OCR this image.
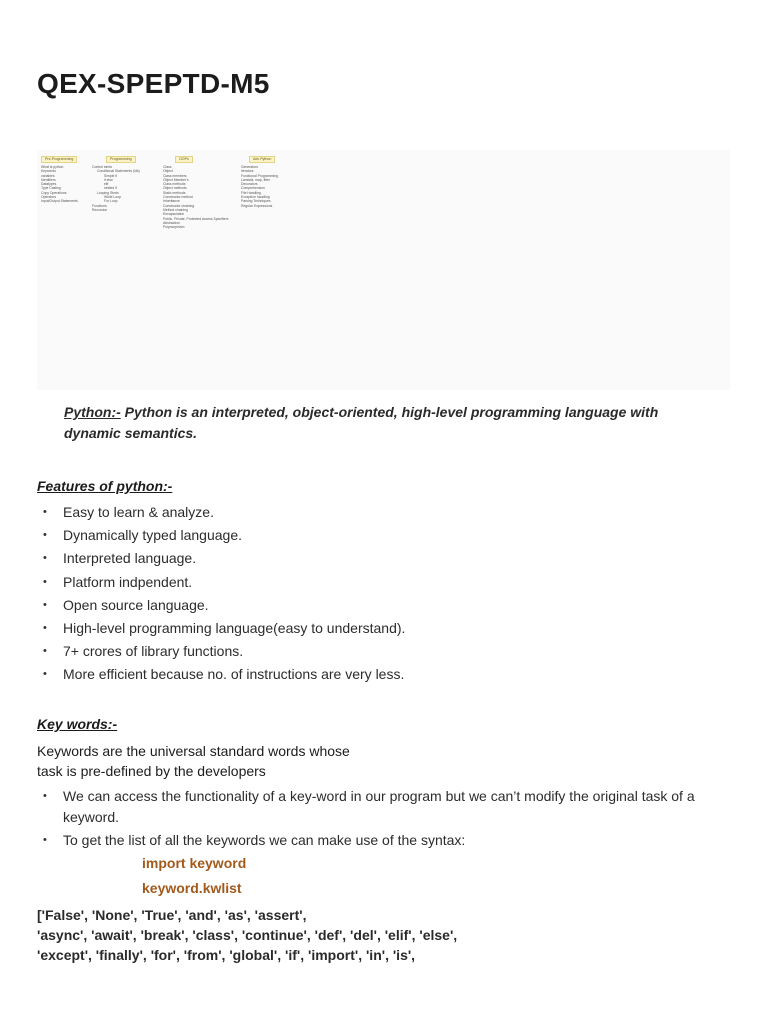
QEX-SPEPTD-M5
Pre-Programming
What is python
Keywords
variables
Identifiers
Datatypes
Type Casting
Copy Operations
Operators
Input/Output Statements
Programming
Control stmts
Conditional Statements (Idk)
Simple if
if else
elif
nested if
Looping Stmts
While Loop
For Loop
Functions
Recursion
OOPs
Class
Object
Class members
Object Member's
Class methods
Object methods
Static methods
Constructor method
Inheritance
Constructor chaining
Method chaining
Encapsulation
Public, Private, Protected access Specifiers
Abstraction
Polymorphism
Adv Python
Generators
Iterators
Functional Programming
Lambda, map, filter
Decorators
Comprehension
File Handling
Exception handling
Parsing Techniques
Regular Expressions
Python:- Python is an interpreted, object-oriented, high-level programming language with dynamic semantics.
Features of python:-
• Easy to learn & analyze.
• Dynamically typed language.
• Interpreted language.
• Platform indpendent.
• Open source language.
• High-level programming language(easy to understand).
• 7+ crores of library functions.
• More efficient because no. of instructions are very less.
Key words:-
Keywords are the universal standard words whose
task is pre-defined by the developers
• We can access the functionality of a key-word in our program but we can’t modify the original task of a keyword.
• To get the list of all the keywords we can make use of the syntax:
import keyword
keyword.kwlist
['False', 'None', 'True', 'and', 'as', 'assert',
'async', 'await', 'break', 'class', 'continue', 'def', 'del', 'elif', 'else',
'except', 'finally', 'for', 'from', 'global', 'if', 'import', 'in', 'is',
